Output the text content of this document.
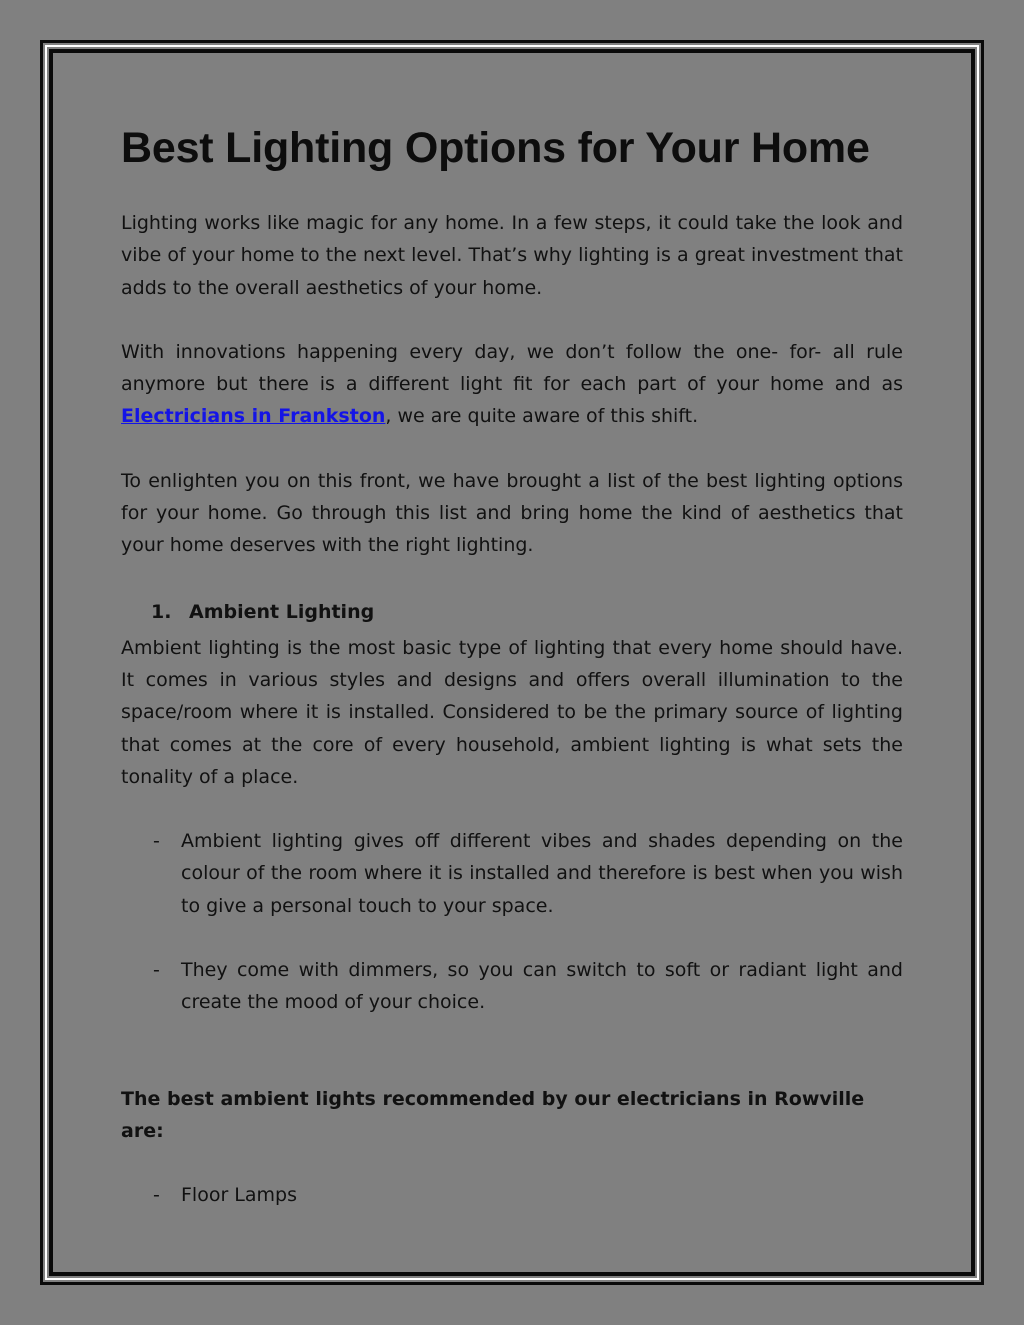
Best Lighting Options for Your Home

Lighting works like magic for any home. In a few steps, it could take the look and vibe of your home to the next level. That’s why lighting is a great investment that adds to the overall aesthetics of your home.

With innovations happening every day, we don’t follow the one- for- all rule anymore but there is a different light fit for each part of your home and as Electricians in Frankston, we are quite aware of this shift.

To enlighten you on this front, we have brought a list of the best lighting options for your home. Go through this list and bring home the kind of aesthetics that your home deserves with the right lighting.

1. Ambient Lighting

Ambient lighting is the most basic type of lighting that every home should have. It comes in various styles and designs and offers overall illumination to the space/room where it is installed. Considered to be the primary source of lighting that comes at the core of every household, ambient lighting is what sets the tonality of a place.

-	Ambient lighting gives off different vibes and shades depending on the colour of the room where it is installed and therefore is best when you wish to give a personal touch to your space.
-	They come with dimmers, so you can switch to soft or radiant light and create the mood of your choice.
The best ambient lights recommended by our electricians in Rowville are:
-	Floor Lamps
